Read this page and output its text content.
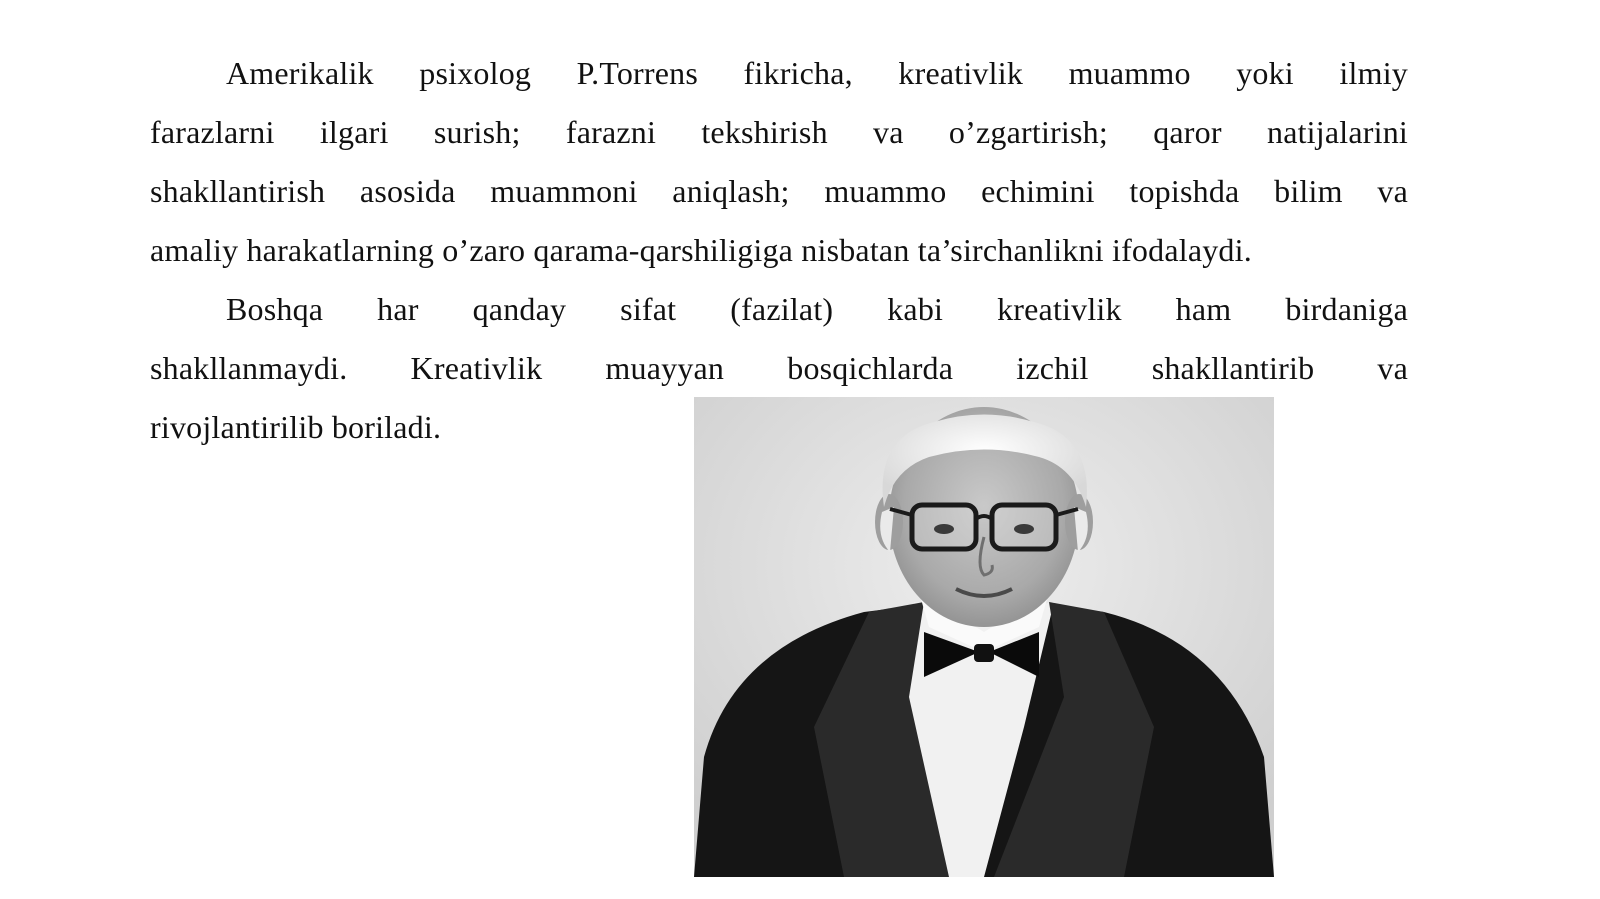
Amerikalik psixolog P.Torrens fikricha, kreativlik muammo yoki ilmiy
farazlarni ilgari surish; farazni tekshirish va o’zgartirish; qaror natijalarini
shakllantirish asosida muammoni aniqlash; muammo echimini topishda bilim va
amaliy harakatlarning o’zaro qarama-qarshiligiga nisbatan ta’sirchanlikni ifodalaydi.

Boshqa har qanday sifat (fazilat) kabi kreativlik ham birdaniga
shakllanmaydi. Kreativlik muayyan bosqichlarda izchil shakllantirib va
rivojlantirilib boriladi.
